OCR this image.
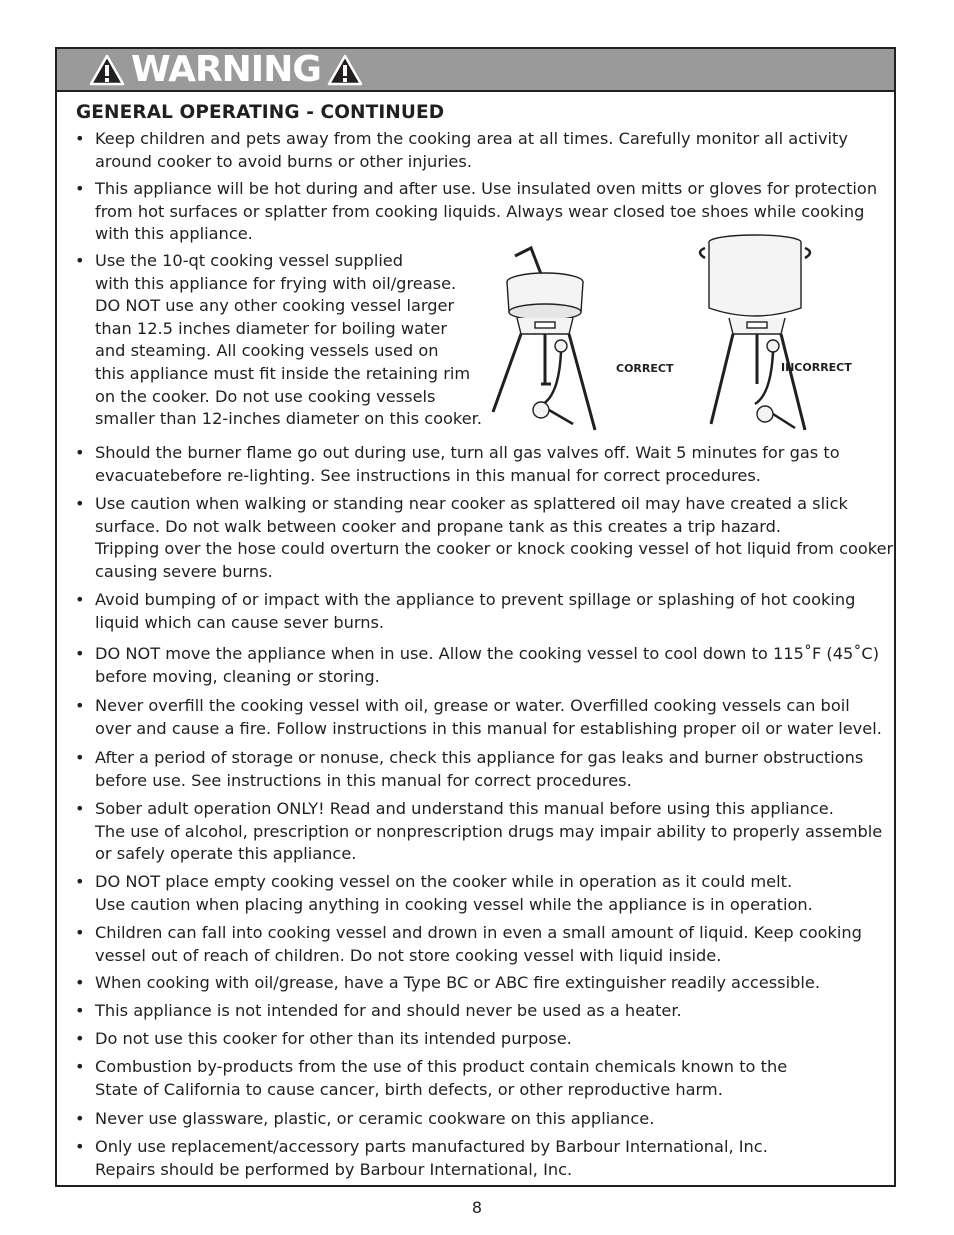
WARNING
GENERAL OPERATING - CONTINUED
• Keep children and pets away from the cooking area at all times. Carefully monitor all activity
around cooker to avoid burns or other injuries.
• This appliance will be hot during and after use. Use insulated oven mitts or gloves for protection
from hot surfaces or splatter from cooking liquids. Always wear closed toe shoes while cooking
with this appliance.
• Use the 10-qt cooking vessel supplied
with this appliance for frying with oil/grease.
DO NOT use any other cooking vessel larger
than 12.5 inches diameter for boiling water
and steaming. All cooking vessels used on
this appliance must fit inside the retaining rim
on the cooker. Do not use cooking vessels
smaller than 12-inches diameter on this cooker.
• Should the burner flame go out during use, turn all gas valves off. Wait 5 minutes for gas to
evacuatebefore re-lighting. See instructions in this manual for correct procedures.
• Use caution when walking or standing near cooker as splattered oil may have created a slick
surface. Do not walk between cooker and propane tank as this creates a trip hazard.
Tripping over the hose could overturn the cooker or knock cooking vessel of hot liquid from cooker
causing severe burns.
• Avoid bumping of or impact with the appliance to prevent spillage or splashing of hot cooking
liquid which can cause sever burns.
• DO NOT move the appliance when in use. Allow the cooking vessel to cool down to 115˚F (45˚C)
before moving, cleaning or storing.
• Never overfill the cooking vessel with oil, grease or water. Overfilled cooking vessels can boil
over and cause a fire. Follow instructions in this manual for establishing proper oil or water level.
• After a period of storage or nonuse, check this appliance for gas leaks and burner obstructions
before use. See instructions in this manual for correct procedures.
• Sober adult operation ONLY! Read and understand this manual before using this appliance.
The use of alcohol, prescription or nonprescription drugs may impair ability to properly assemble
or safely operate this appliance.
• DO NOT place empty cooking vessel on the cooker while in operation as it could melt.
Use caution when placing anything in cooking vessel while the appliance is in operation.
• Children can fall into cooking vessel and drown in even a small amount of liquid. Keep cooking
vessel out of reach of children. Do not store cooking vessel with liquid inside.
• When cooking with oil/grease, have a Type BC or ABC fire extinguisher readily accessible.
• This appliance is not intended for and should never be used as a heater.
• Do not use this cooker for other than its intended purpose.
• Combustion by-products from the use of this product contain chemicals known to the
State of California to cause cancer, birth defects, or other reproductive harm.
• Never use glassware, plastic, or ceramic cookware on this appliance.
• Only use replacement/accessory parts manufactured by Barbour International, Inc.
Repairs should be performed by Barbour International, Inc.
CORRECT	INCORRECT
8
